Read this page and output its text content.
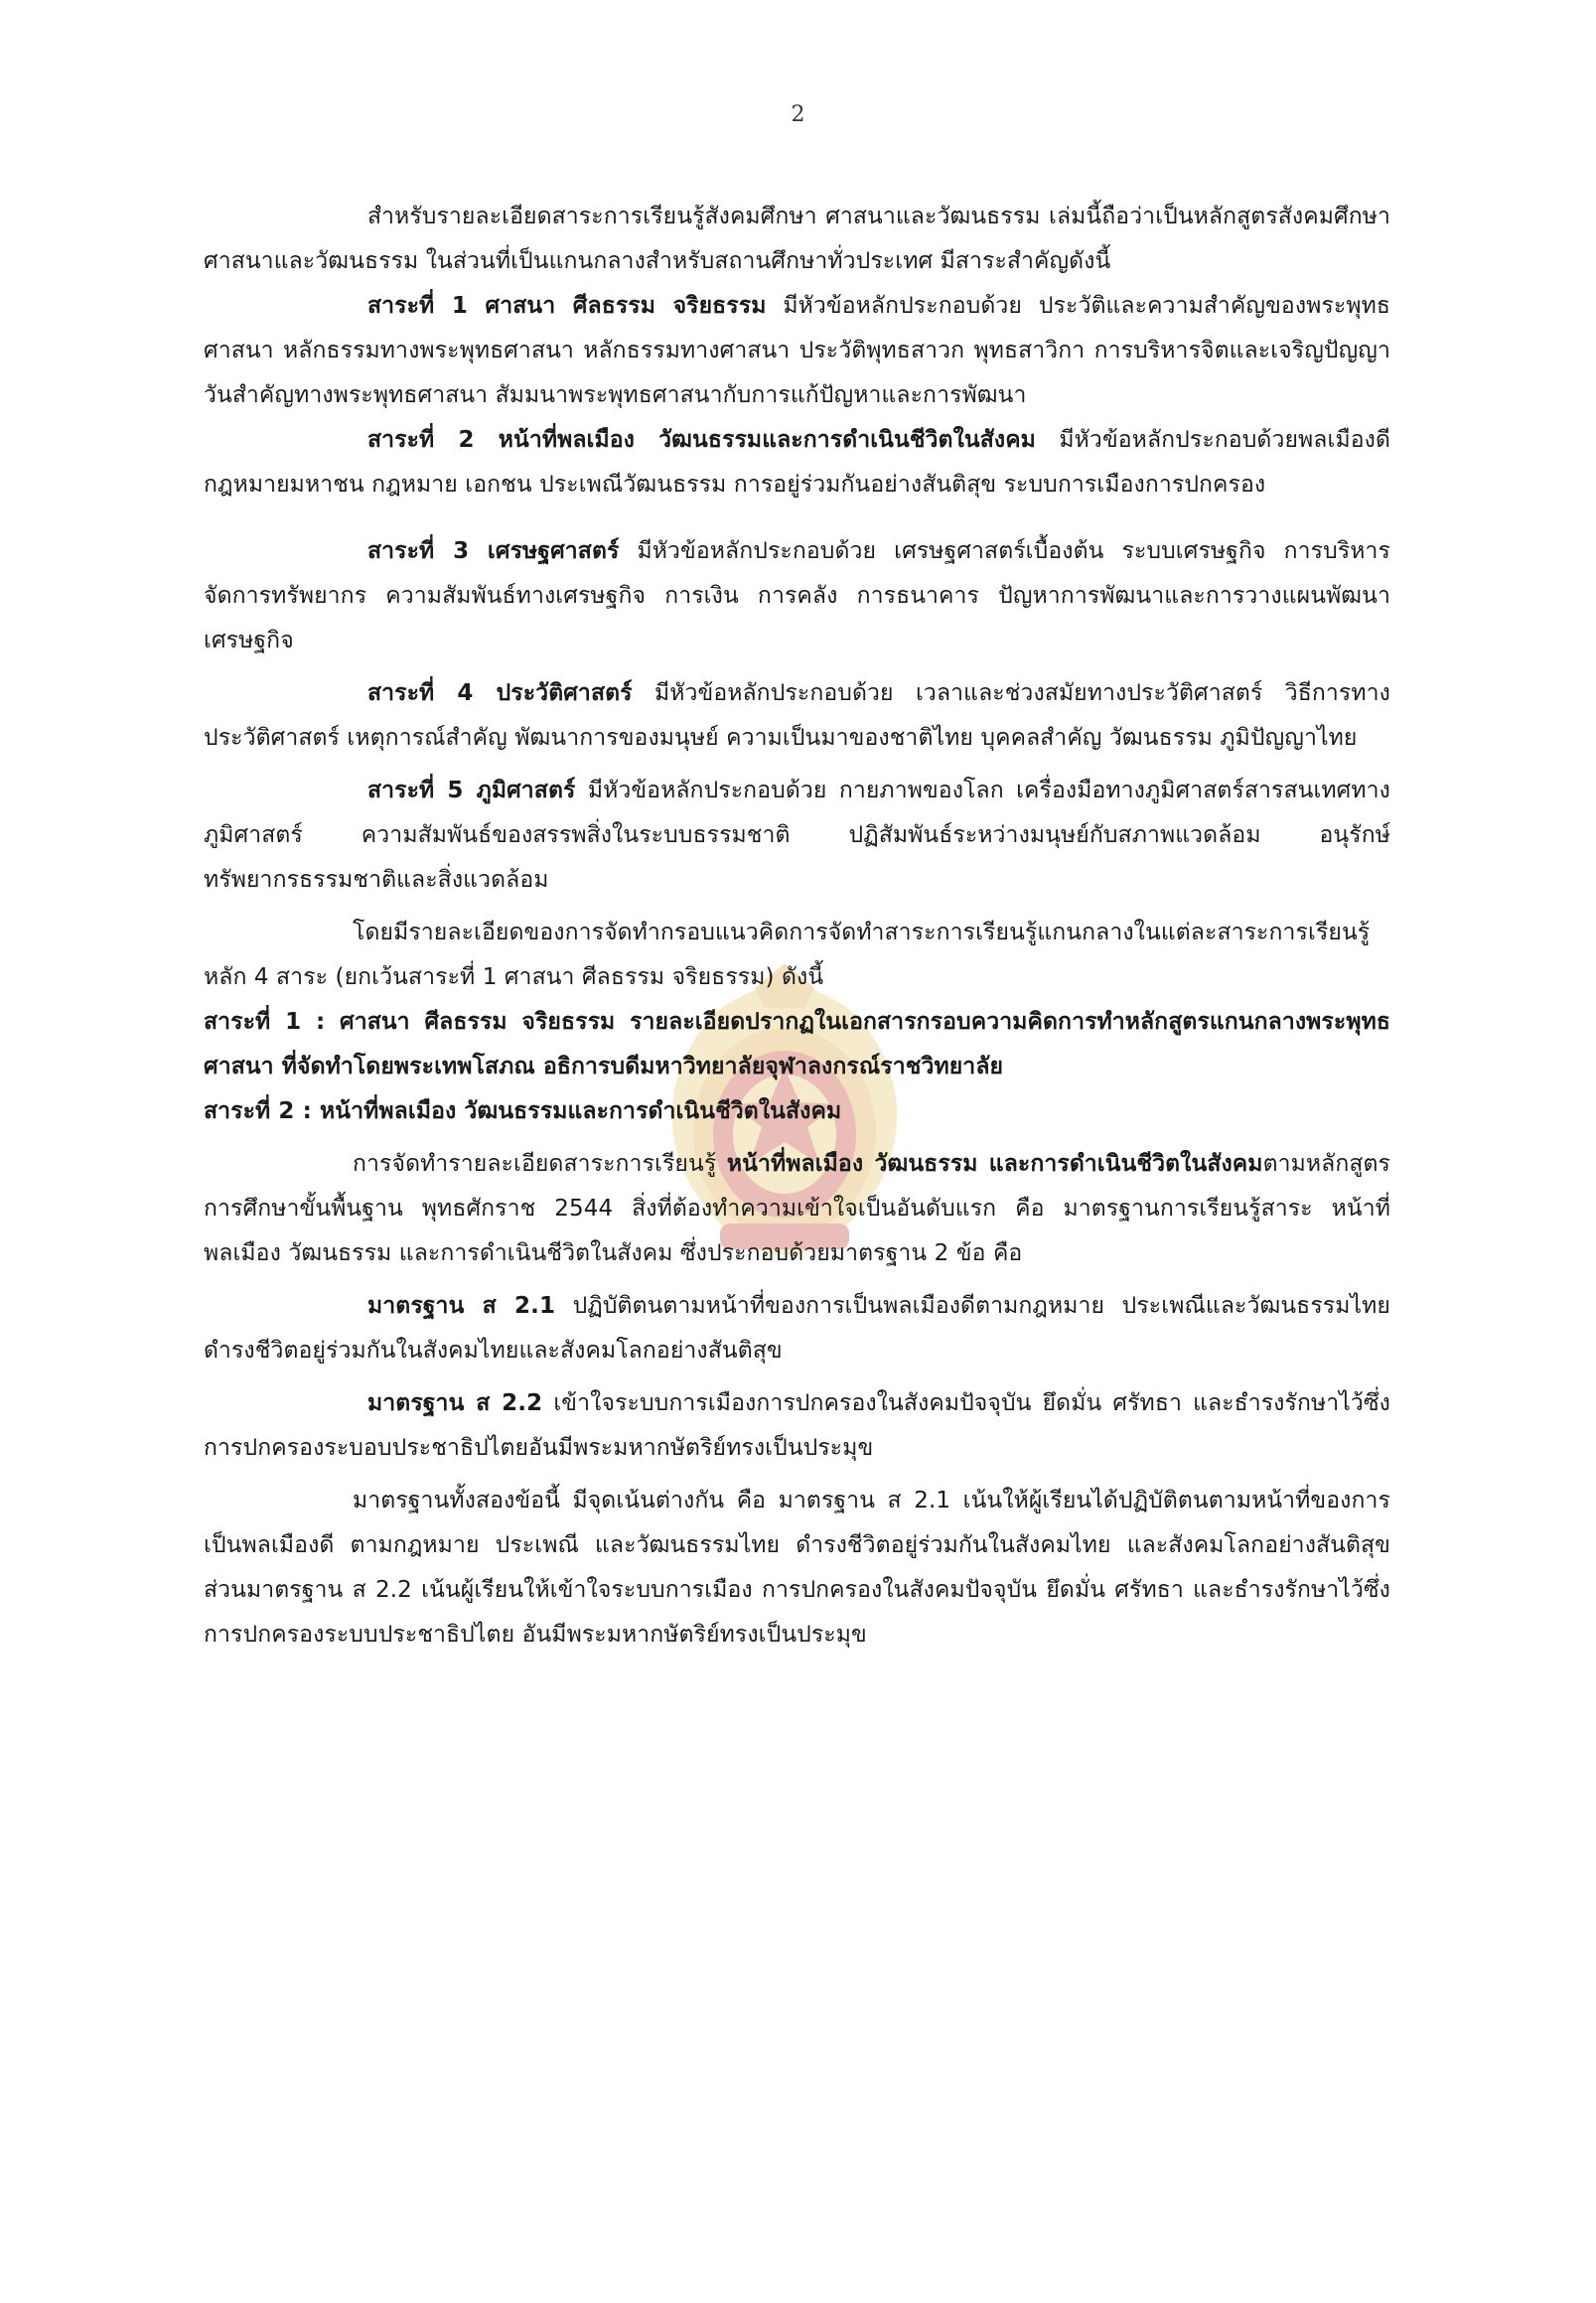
2

สำหรับรายละเอียดสาระการเรียนรู้สังคมศึกษา ศาสนาและวัฒนธรรม เล่มนี้ถือว่าเป็นหลักสูตรสังคมศึกษา ศาสนาและวัฒนธรรม ในส่วนที่เป็นแกนกลางสำหรับสถานศึกษาทั่วประเทศ มีสาระสำคัญดังนี้

สาระที่ 1 ศาสนา ศีลธรรม จริยธรรม มีหัวข้อหลักประกอบด้วย ประวัติและความสำคัญของพระพุทธศาสนา หลักธรรมทางพระพุทธศาสนา หลักธรรมทางศาสนา ประวัติพุทธสาวก พุทธสาวิกา การบริหารจิตและเจริญปัญญา วันสำคัญทางพระพุทธศาสนา สัมมนาพระพุทธศาสนากับการแก้ปัญหาและการพัฒนา

สาระที่ 2 หน้าที่พลเมือง วัฒนธรรมและการดำเนินชีวิตในสังคม มีหัวข้อหลักประกอบด้วยพลเมืองดี กฎหมายมหาชน กฎหมาย เอกชน ประเพณีวัฒนธรรม การอยู่ร่วมกันอย่างสันติสุข ระบบการเมืองการปกครอง

สาระที่ 3 เศรษฐศาสตร์ มีหัวข้อหลักประกอบด้วย เศรษฐศาสตร์เบื้องต้น ระบบเศรษฐกิจ การบริหารจัดการทรัพยากร ความสัมพันธ์ทางเศรษฐกิจ การเงิน การคลัง การธนาคาร ปัญหาการพัฒนาและการวางแผนพัฒนาเศรษฐกิจ

สาระที่ 4 ประวัติศาสตร์ มีหัวข้อหลักประกอบด้วย เวลาและช่วงสมัยทางประวัติศาสตร์ วิธีการทางประวัติศาสตร์ เหตุการณ์สำคัญ พัฒนาการของมนุษย์ ความเป็นมาของชาติไทย บุคคลสำคัญ วัฒนธรรม ภูมิปัญญาไทย

สาระที่ 5 ภูมิศาสตร์ มีหัวข้อหลักประกอบด้วย กายภาพของโลก เครื่องมือทางภูมิศาสตร์สารสนเทศทางภูมิศาสตร์ ความสัมพันธ์ของสรรพสิ่งในระบบธรรมชาติ ปฏิสัมพันธ์ระหว่างมนุษย์กับสภาพแวดล้อม อนุรักษ์ทรัพยากรธรรมชาติและสิ่งแวดล้อม

โดยมีรายละเอียดของการจัดทำกรอบแนวคิดการจัดทำสาระการเรียนรู้แกนกลางในแต่ละสาระการเรียนรู้หลัก 4 สาระ (ยกเว้นสาระที่ 1 ศาสนา ศีลธรรม จริยธรรม) ดังนี้

สาระที่ 1 : ศาสนา ศีลธรรม จริยธรรม รายละเอียดปรากฏในเอกสารกรอบความคิดการทำหลักสูตรแกนกลางพระพุทธศาสนา ที่จัดทำโดยพระเทพโสภณ อธิการบดีมหาวิทยาลัยจุฬาลงกรณ์ราชวิทยาลัย

สาระที่ 2 : หน้าที่พลเมือง วัฒนธรรมและการดำเนินชีวิตในสังคม

การจัดทำรายละเอียดสาระการเรียนรู้ หน้าที่พลเมือง วัฒนธรรม และการดำเนินชีวิตในสังคมตามหลักสูตรการศึกษาขั้นพื้นฐาน พุทธศักราช 2544 สิ่งที่ต้องทำความเข้าใจเป็นอันดับแรก คือ มาตรฐานการเรียนรู้สาระ หน้าที่พลเมือง วัฒนธรรม และการดำเนินชีวิตในสังคม ซึ่งประกอบด้วยมาตรฐาน 2 ข้อ คือ

มาตรฐาน ส 2.1 ปฏิบัติตนตามหน้าที่ของการเป็นพลเมืองดีตามกฎหมาย ประเพณีและวัฒนธรรมไทย ดำรงชีวิตอยู่ร่วมกันในสังคมไทยและสังคมโลกอย่างสันติสุข

มาตรฐาน ส 2.2 เข้าใจระบบการเมืองการปกครองในสังคมปัจจุบัน ยึดมั่น ศรัทธา และธำรงรักษาไว้ซึ่งการปกครองระบอบประชาธิปไตยอันมีพระมหากษัตริย์ทรงเป็นประมุข

มาตรฐานทั้งสองข้อนี้ มีจุดเน้นต่างกัน คือ มาตรฐาน ส 2.1 เน้นให้ผู้เรียนได้ปฏิบัติตนตามหน้าที่ของการเป็นพลเมืองดี ตามกฎหมาย ประเพณี และวัฒนธรรมไทย ดำรงชีวิตอยู่ร่วมกันในสังคมไทย และสังคมโลกอย่างสันติสุข ส่วนมาตรฐาน ส 2.2 เน้นผู้เรียนให้เข้าใจระบบการเมือง การปกครองในสังคมปัจจุบัน ยึดมั่น ศรัทธา และธำรงรักษาไว้ซึ่งการปกครองระบบประชาธิปไตย อันมีพระมหากษัตริย์ทรงเป็นประมุข
